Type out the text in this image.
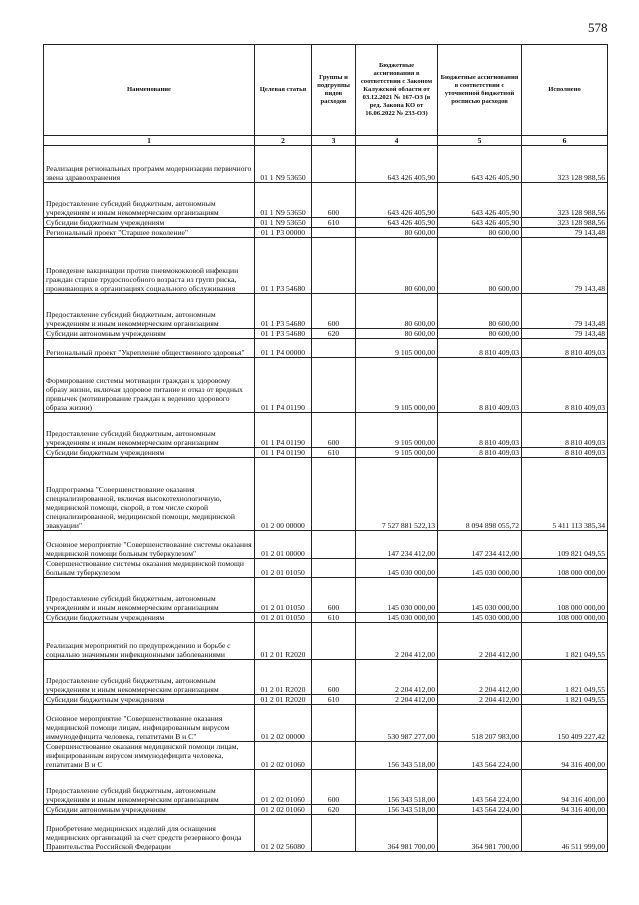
578
Наименование	Целевая статья	Группы и подгруппы видов расходов	Бюджетные ассигнования в соответствии с Законом Калужской области от 03.12.2021 № 167-ОЗ (в ред. Закона КО от 16.06.2022 № 233-ОЗ)	Бюджетные ассигнования в соответствии с уточненной бюджетной росписью расходов	Исполнено
1	2	3	4	5	6
Реализация региональных программ модернизации первичного звена здравоохранения	01 1 N9 53650		643 426 405,90	643 426 405,90	323 128 988,56
Предоставление субсидий бюджетным, автономным учреждениям и иным некоммерческим организациям	01 1 N9 53650	600	643 426 405,90	643 426 405,90	323 128 988,56
Субсидии бюджетным учреждениям	01 1 N9 53650	610	643 426 405,90	643 426 405,90	323 128 988,56
Региональный проект "Старшее поколение"	01 1 P3 00000		80 600,00	80 600,00	79 143,48
Проведение вакцинации против пневмококковой инфекции граждан старше трудоспособного возраста из групп риска, проживающих в организациях социального обслуживания	01 1 P3 54680		80 600,00	80 600,00	79 143,48
Предоставление субсидий бюджетным, автономным учреждениям и иным некоммерческим организациям	01 1 P3 54680	600	80 600,00	80 600,00	79 143,48
Субсидии автономным учреждениям	01 1 P3 54680	620	80 600,00	80 600,00	79 143,48
Региональный проект "Укрепление общественного здоровья"	01 1 P4 00000		9 105 000,00	8 810 409,03	8 810 409,03
Формирование системы мотивации граждан к здоровому образу жизни, включая здоровое питание и отказ от вредных привычек (мотивирование граждан к ведению здорового образа жизни)	01 1 P4 01190		9 105 000,00	8 810 409,03	8 810 409,03
Предоставление субсидий бюджетным, автономным учреждениям и иным некоммерческим организациям	01 1 P4 01190	600	9 105 000,00	8 810 409,03	8 810 409,03
Субсидии бюджетным учреждениям	01 1 P4 01190	610	9 105 000,00	8 810 409,03	8 810 409,03
Подпрограмма "Совершенствование оказания специализированной, включая высокотехнологичную, медицинской помощи, скорой, в том числе скорой специализированной, медицинской помощи, медицинской эвакуации"	01 2 00 00000		7 527 881 522,13	8 094 898 055,72	5 411 113 385,34
Основное мероприятие "Совершенствование системы оказания медицинской помощи больным туберкулезом"	01 2 01 00000		147 234 412,00	147 234 412,00	109 821 049,55
Совершенствование системы оказания медицинской помощи больным туберкулезом	01 2 01 01050		145 030 000,00	145 030 000,00	108 000 000,00
Предоставление субсидий бюджетным, автономным учреждениям и иным некоммерческим организациям	01 2 01 01050	600	145 030 000,00	145 030 000,00	108 000 000,00
Субсидии бюджетным учреждениям	01 2 01 01050	610	145 030 000,00	145 030 000,00	108 000 000,00
Реализация мероприятий по предупреждению и борьбе с социально значимыми инфекционными заболеваниями	01 2 01 R2020		2 204 412,00	2 204 412,00	1 821 049,55
Предоставление субсидий бюджетным, автономным учреждениям и иным некоммерческим организациям	01 2 01 R2020	600	2 204 412,00	2 204 412,00	1 821 049,55
Субсидии бюджетным учреждениям	01 2 01 R2020	610	2 204 412,00	2 204 412,00	1 821 049,55
Основное мероприятие "Совершенствование оказания медицинской помощи лицам, инфицированным вирусом иммунодефицита человека, гепатитами В и С"	01 2 02 00000		530 987 277,00	518 207 983,00	150 409 227,42
Совершенствование оказания медицинской помощи лицам, инфицированным вирусом иммунодефицита человека, гепатитами В и С	01 2 02 01060		156 343 518,00	143 564 224,00	94 316 400,00
Предоставление субсидий бюджетным, автономным учреждениям и иным некоммерческим организациям	01 2 02 01060	600	156 343 518,00	143 564 224,00	94 316 400,00
Субсидии автономным учреждениям	01 2 02 01060	620	156 343 518,00	143 564 224,00	94 316 400,00
Приобретение медицинских изделий для оснащения медицинских организаций за счет средств резервного фонда Правительства Российской Федерации	01 2 02 56080		364 981 700,00	364 981 700,00	46 511 999,00
